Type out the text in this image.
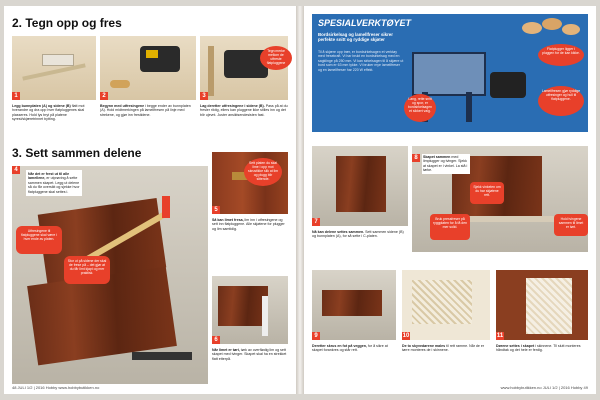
2. Tegn opp og fres
1	2	3
Tegn merke mellom de utfreste flatpluggene
Legg bunnplaten (A) og sidene (B) flatt mot hverandre og dra opp hver flatpluggenes skal plasseres. Hold lys bryt på platene syresi/skjæretrinnet bytting.
Begynn med utfresingene i begge ender av bunnplaten (A). Hold midtmerkingen på lamellfresen på linje med strekene, og gjør inn frestidene.
Lag deretter utfresingene i sidene (B). Pass på at du fresler riktig, ellers kan pluggene ikke stilles inn og det blir ujevnt. Juster ansiktsendesisten fast.
3. Sett sammen delene
4
Når det er frest ut til alle lamellene, er utprøving å sette sammen skapet. Legg ut delene så du får oversikt og sjekke hvor flatpluggene skal settes i.
Utfresingene til flatpluggene skal være i hver ende av platen.
Stor ut på sidene der skal de frese på – det gjør at du får limt kjapt og mer praktisk.
Sett platen du skal lime i opp mot skrustikke slik at lim og plugg blir sittende.
5
Så kan limet fresa, lim inn i utfresingene og sett inn flatpluggene. Alle skjøtene for plugger og lim samtidig.
6
Når limet er tørt, tørk av overflødig lim og sett skapet med tvinger. Skapet skal ha en strekket flatt etterpå.
48 JULI 1/2 | 2016 Hobby www.hobbybutikken.no
SPESIALVERKTØYET
Bordsirkelsag og lamellfreser sikrer perfekte snitt og ryddige skjøter
Til å skjære opp trær, er bordsirkelsagen et verktøy med fresekraft. Vi har brukt en bordsirkelsag med en sagklinge på 250 mm. Vi kan sirkelsagen til å skjære ut bord som er 63 mm tykke. Vi bruker mye lamellfreser og en lamellfreser har 220 W effekt.
Flatplugger ligger i pluggen for de kan kikke.
Lamellfresen gjør ryddige utfresinger og hull til flatpluggene.
Lang, rette snitt og spor, er bordsirkelsagen et sikkert valg.
7
Nå kan delene settes sammen. Sett sammen sidene (B) og bunnplaten (A), for så sette i C-platen.
8	Skapet sammen med limplugger og tvinger. Sjekk at skapet er i vinkel. La stå i tørke.
Sjekk vinkelen om du har skjøtene rett.
Bruk pressfreser på ryggplaten for å få den mer solid.
Hold tvingene sammen til limet er tørt.
9
Deretter skrus en fot på veggen, for å sikre at skapet forankres og står rett.
10
De to skyvedørene males til rett ramme. Når de er tørre monteres de i skinnene.
11
Dørene settes i skapet i skinnene. Til slutt monteres håndtak og det hele er ferdig.
www.hobbybutikken.no JULI 1/2 | 2016 Hobby 49
